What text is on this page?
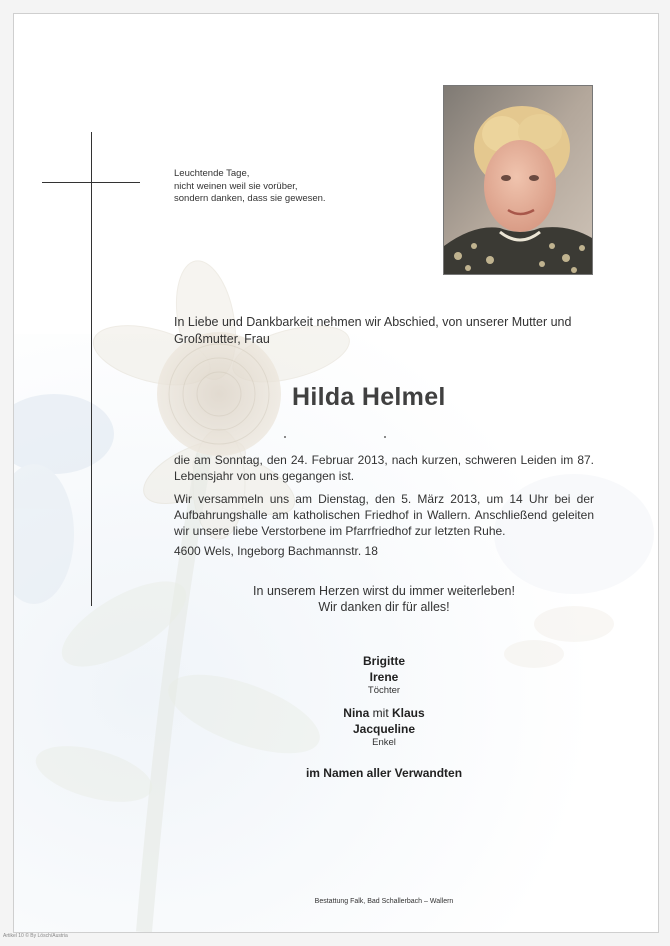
Leuchtende Tage,
nicht weinen weil sie vorüber,
sondern danken, dass sie gewesen.
In Liebe und Dankbarkeit nehmen wir Abschied, von unserer Mutter und Großmutter, Frau
Hilda Helmel
die am Sonntag, den 24. Februar 2013, nach kurzen, schweren Leiden im 87. Lebensjahr von uns gegangen ist.
Wir versammeln uns am Dienstag, den 5. März 2013, um 14 Uhr bei der Aufbahrungshalle am katholischen Friedhof in Wallern. Anschließend geleiten wir unsere liebe Verstorbene im Pfarrfriedhof zur letzten Ruhe.
4600 Wels, Ingeborg Bachmannstr. 18
In unserem Herzen wirst du immer weiterleben!
Wir danken dir für alles!
Brigitte
Irene
Töchter
Nina mit Klaus
Jacqueline
Enkel
im Namen aller Verwandten
Bestattung Falk, Bad Schallerbach – Wallern
Artikel 10 © By Lösch/Austria
